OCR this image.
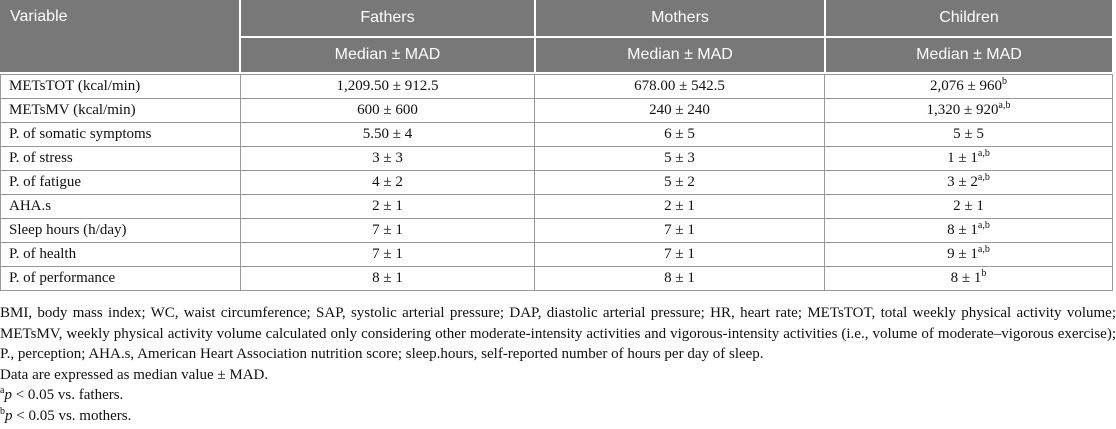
Variable	Fathers	Mothers	Children
Median ± MAD	Median ± MAD	Median ± MAD
METsTOT (kcal/min)	1,209.50 ± 912.5	678.00 ± 542.5	$2,076 \pm 960^b$
METsMV (kcal/min)	600 ± 600	240 ± 240	$1,320 \pm 920^{a,b}$
P. of somatic symptoms	5.50 ± 4	6 ± 5	5 ± 5
P. of stress	3 ± 3	5 ± 3	$1 \pm 1^{a,b}$
P. of fatigue	4 ± 2	5 ± 2	$3 \pm 2^{a,b}$
AHA.s	2 ± 1	2 ± 1	2 ± 1
Sleep hours (h/day)	7 ± 1	7 ± 1	$8 \pm 1^{a,b}$
P. of health	7 ± 1	7 ± 1	$9 \pm 1^{a,b}$
P. of performance	8 ± 1	8 ± 1	$8 \pm 1^b$
BMI, body mass index; WC, waist circumference; SAP, systolic arterial pressure; DAP, diastolic arterial pressure; HR, heart rate; METsTOT, total weekly physical activity volume; METsMV, weekly physical activity volume calculated only considering other moderate-intensity activities and vigorous-intensity activities (i.e., volume of moderate–vigorous exercise); P., perception; AHA.s, American Heart Association nutrition score; sleep.hours, self-reported number of hours per day of sleep.
Data are expressed as median value ± MAD.
$^a$p < 0.05 vs. fathers.
$^b$p < 0.05 vs. mothers.
